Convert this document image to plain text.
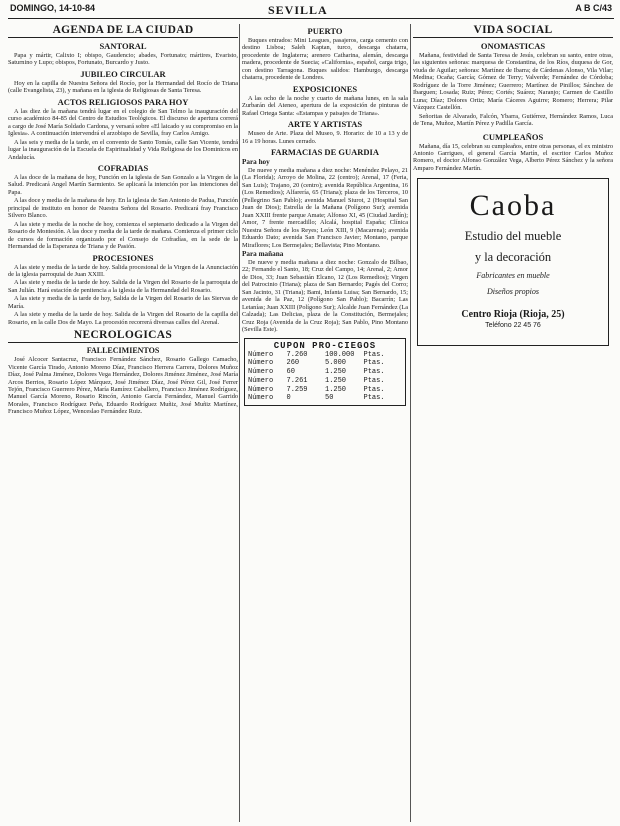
DOMINGO, 14-10-84	SEVILLA	A B C/43
AGENDA DE LA CIUDAD
SANTORAL

Papa y mártir, Calixto I; obispo, Gaudencio; abades, Fortunato; mártires, Evaristo, Saturnino y Lupo; obispos, Fortunato, Burcardo y Justo.

JUBILEO CIRCULAR

Hoy en la capilla de Nuestra Señora del Rocío, por la Hermandad del Rocío de Triana (calle Evangelista, 23), y mañana en la iglesia de Religiosas de Santa Teresa.

ACTOS RELIGIOSOS PARA HOY

A las diez de la mañana tendrá lugar en el colegio de San Telmo la inauguración del curso académico 84-85 del Centro de Estudios Teológicos. El discurso de apertura correrá a cargo de José María Soldado Cardona, y versará sobre «El laicado y su compromiso en la Iglesia». A continuación intervendrá el arzobispo de Sevilla, fray Carlos Amigo.

A las seis y media de la tarde, en el convento de Santo Tomás, calle San Vicente, tendrá lugar la inauguración de la Escuela de Espiritualidad y Vida Religiosa de los Dominicos en Andalucía.

COFRADIAS

A las doce de la mañana de hoy, Función en la iglesia de San Gonzalo a la Virgen de la Salud. Predicará Angel Martín Sarmiento. Se aplicará la intención por las intenciones del Papa.

A las doce y media de la mañana de hoy. En la iglesia de San Antonio de Padua, Función principal de instituto en honor de Nuestra Señora del Rosario. Predicará fray Francisco Silvero Blanco.

A las siete y media de la noche de hoy, comienza el septenario dedicado a la Virgen del Rosario de Montesión. A las doce y media de la tarde de mañana. Comienza el primer ciclo de cursos de formación organizado por el Consejo de Cofradías, en la sede de la Hermandad de la Esperanza de Triana y de Pasión.

PROCESIONES

A las siete y media de la tarde de hoy. Salida procesional de la Virgen de la Anunciación de la iglesia parroquial de Juan XXIII.

A las siete y media de la tarde de hoy. Salida de la Virgen del Rosario de la parroquia de San Julián. Hará estación de penitencia a la iglesia de la Hermandad del Rosario.

A las siete y media de la tarde de hoy, Salida de la Virgen del Rosario de las Siervas de María.

A las siete y media de la tarde de hoy. Salida de la Virgen del Rosario de la capilla del Rosario, en la calle Dos de Mayo. La procesión recorrerá diversas calles del Arenal.

NECROLOGICAS
FALLECIMIENTOS

José Alcocer Santacruz, Francisco Fernández Sánchez, Rosario Gallego Camacho, Vicente García Tirado, Antonio Moreno Díaz, Francisco Herrera Carrera, Dolores Muñoz Díaz, José Palma Jiménez, Dolores Vega Hernández, Dolores Jiménez Jiménez, José María Arcos Berrios, Rosario López Márquez, José Jiménez Díaz, José Pérez Gil, José Ferrer Tejón, Francisco Guerrero Pérez, María Ramírez Caballero, Francisco Jiménez Rodríguez, Manuel García Moreno, Rosario Rincón, Antonio García Fernández, Manuel Garrido Morales, Francisco Rodríguez Peña, Eduardo Rodríguez Muñiz, José Muñiz Martínez, Francisco Muñoz López, Wenceslao Fernández Ruiz.

PUERTO

Buques entrados: Mini Leagues, pasajeros, carga cemento con destino Lisboa; Saleh Kaptan, turco, descarga chatarra, procedente de Inglaterra; arenero Catharina, alemán, descarga madera, procedente de Suecia; «California», español, carga trigo, con destino Tarragona. Buques salidos: Hamburgo, descarga chatarra, procedente de Londres.

EXPOSICIONES

A las ocho de la noche y cuarto de mañana lunes, en la sala Zurbarán del Ateneo, apertura de la exposición de pinturas de Rafael Ortega Santa: «Estampas y paisajes de Triana».

ARTE Y ARTISTAS

Museo de Arte. Plaza del Museo, 9. Horario: de 10 a 13 y de 16 a 19 horas. Lunes cerrado.

FARMACIAS DE GUARDIA
Para hoy

De nueve y media mañana a diez noche: Menéndez Pelayo, 21 (La Florida); Arroyo de Molina, 22 (centro); Arenal, 17 (Feria, San Luis); Trajano, 20 (centro); avenida República Argentina, 16 (Los Remedios); Alfarería, 65 (Triana); plaza de los Terceros, 10 (Pellegrino San Pablo); avenida Manuel Siurot, 2 (Hospital San Juan de Dios); Estrella de la Mañana (Polígono Sur); avenida Juan XXIII frente parque Amate; Alfonso XI, 45 (Ciudad Jardín); Amor, 7 frente mercadillo; Alcalá, hospital España; Clínica Nuestra Señora de los Reyes; León XIII, 9 (Macarena); avenida Eduardo Dato; avenida San Francisco Javier; Montano, parque Miraflores; Los Bermejales; Bellavista; Pino Montano.

Para mañana

De nueve y media mañana a diez noche: Gonzalo de Bilbao, 22; Fernando el Santo, 18; Cruz del Campo, 14; Arenal, 2; Amor de Dios, 33; Juan Sebastián Elcano, 12 (Los Remedios); Virgen del Patrocinio (Triana); plaza de San Bernardo; Pagés del Corro; San Jacinto, 31 (Triana); Bami, Infanta Luisa; San Bernardo, 15; avenida de la Paz, 12 (Polígono San Pablo); Bacarrín; Las Letanías; Juan XXIII (Polígono Sur); Alcalde Juan Fernández (La Calzada); Las Delicias, plaza de la Constitución, Bermejales; Cruz Roja (Avenida de la Cruz Roja); San Pablo, Pino Montano (Sevilla Este).

CUPON PRO-CIEGOS
Número	7.260	100.000	Ptas.
Número	260	5.000	Ptas.
Número	60	1.250	Ptas.
Número	7.261	1.250	Ptas.
Número	7.259	1.250	Ptas.
Número	0	50	Ptas.
VIDA SOCIAL
ONOMASTICAS

Mañana, festividad de Santa Teresa de Jesús, celebran su santo, entre otras, las siguientes señoras: marquesa de Constantina, de los Ríos, duquesa de Gor, viuda de Aguilar; señoras: Martínez de Ibarra; de Cárdenas Alonso, Vila Vilar; Medina; Ocaña; García; Gómez de Terry; Valverde; Fernández de Córdoba; Rodríguez de la Torre Jiménez; Guerrero; Martínez de Pinillos; Sánchez de Ibarguen; Losada; Ruiz; Pérez; Cortés; Suárez; Naranjo; Carmen de Castillo Luna; Díaz; Dolores Ortiz; María Cáceres Aguirre; Romero; Herrera; Pilar Vázquez Castellón.

Señoritas de Alvarado, Falcón, Ybarra, Gutiérrez, Hernández Ramos, Luca de Tena, Muñoz, Martín Pérez y Padilla García.

CUMPLEAÑOS

Mañana, día 15, celebran su cumpleaños, entre otras personas, el ex ministro Antonio Garrigues, el general García Martín, el escritor Carlos Muñoz Romero, el doctor Alfonso González Vega, Alberto Pérez Sánchez y la señora Amparo Fernández Martín.

Caoba
Estudio del mueble
y la decoración
Fabricantes en mueble
Diseños propios
Centro Rioja (Rioja, 25)
Teléfono 22 45 76
